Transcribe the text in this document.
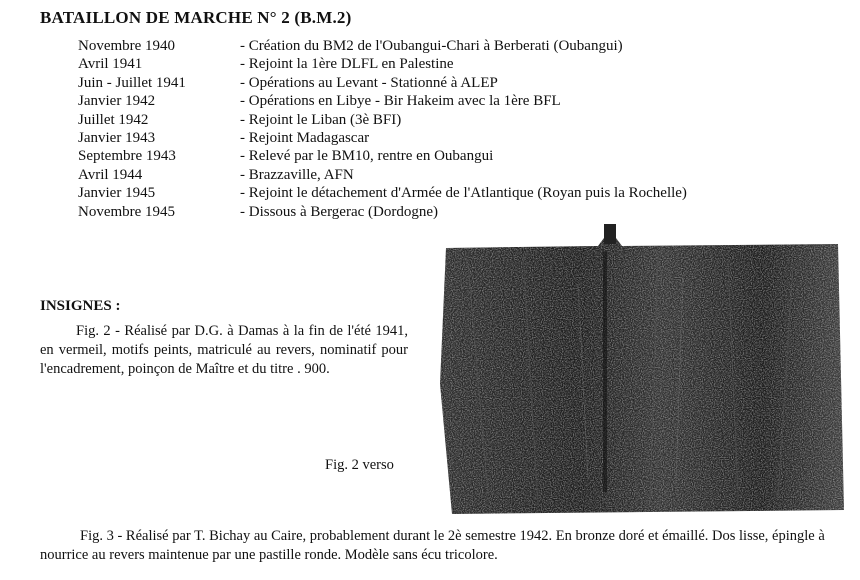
BATAILLON DE MARCHE N° 2 (B.M.2)
Novembre 1940	- Création du BM2 de l'Oubangui-Chari à Berberati (Oubangui)
Avril 1941	- Rejoint la 1ère DLFL en Palestine
Juin - Juillet 1941	- Opérations au Levant - Stationné à ALEP
Janvier 1942	- Opérations en Libye - Bir Hakeim avec la 1ère BFL
Juillet 1942	- Rejoint le Liban (3è BFI)
Janvier 1943	- Rejoint Madagascar
Septembre 1943	- Relevé par le BM10, rentre en Oubangui
Avril 1944	- Brazzaville, AFN
Janvier 1945	- Rejoint le détachement d'Armée de l'Atlantique (Royan puis la Rochelle)
Novembre 1945	- Dissous à Bergerac (Dordogne)
INSIGNES :
Fig. 2 - Réalisé par D.G. à Damas à la fin de l'été 1941, en vermeil, motifs peints, matriculé au revers, nominatif pour l'encadrement, poinçon de Maître et du titre . 900.
Fig. 2 verso
Fig. 3 - Réalisé par T. Bichay au Caire, probablement durant le 2è semestre 1942. En bronze doré et émaillé. Dos lisse, épingle à nourrice au revers maintenue par une pastille ronde. Modèle sans écu tricolore.
